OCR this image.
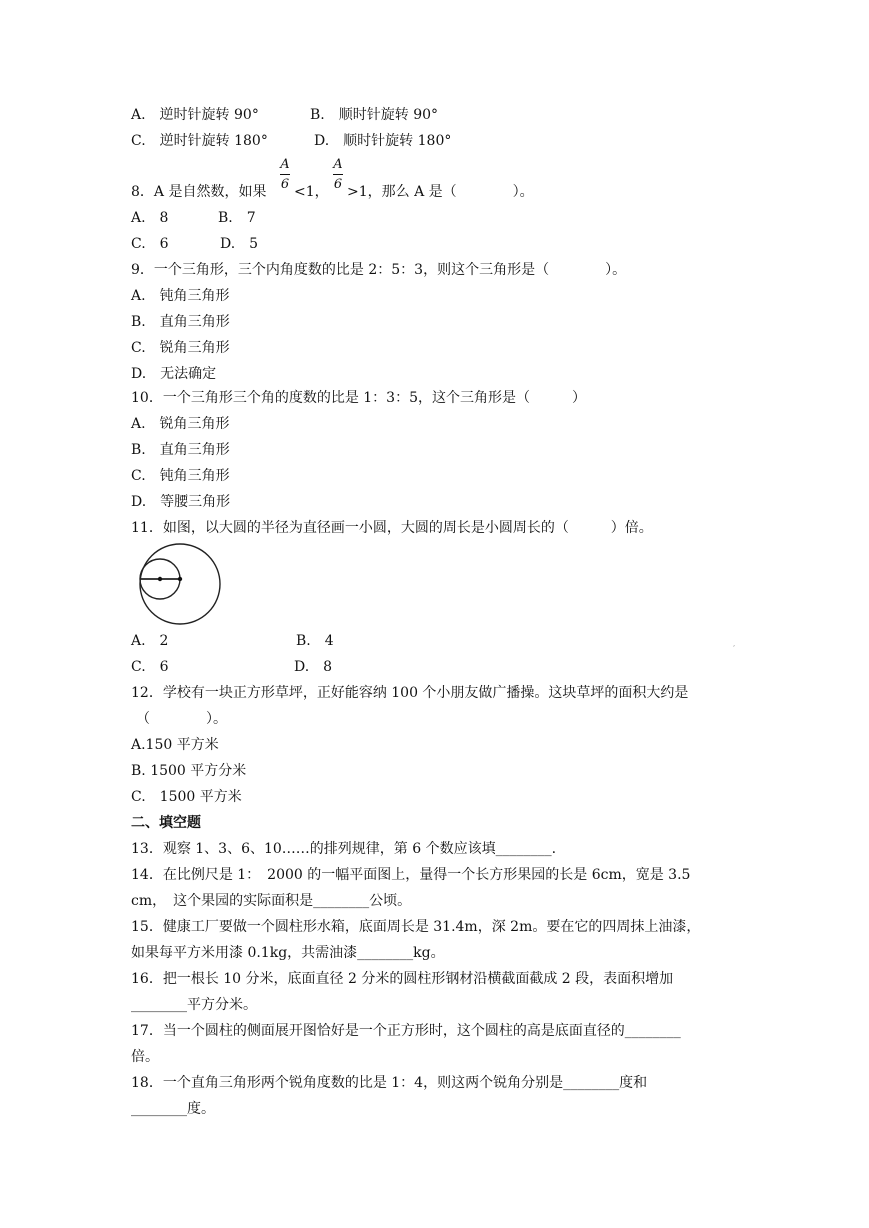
A.　逆时针旋转 90°	B.　顺时针旋转 90°
C.　逆时针旋转 180°	D.　顺时针旋转 180°
8．A 是自然数，如果
A
6 <1，
A
6 >1，那么 A 是（　　　　）。
A.　8	B.　7
C.　6	D.　5
9．一个三角形，三个内角度数的比是 2：5：3，则这个三角形是（　　　　）。
A.　钝角三角形
B.　直角三角形
C.　锐角三角形
D.　无法确定
10．一个三角形三个角的度数的比是 1：3：5，这个三角形是（　　　）
A.　锐角三角形
B.　直角三角形
C.　钝角三角形
D.　等腰三角形
11．如图，以大圆的半径为直径画一小圆，大圆的周长是小圆周长的（　　　）倍。
A.　2	B.　4	,
C.　6	D.　8
12．学校有一块正方形草坪，正好能容纳 100 个小朋友做广播操。这块草坪的面积大约是
（　　　　）。
A.150 平方米
B. 1500 平方分米
C.　1500 平方米
二、填空题
13．观察 1、3、6、10……的排列规律，第 6 个数应该填________.
14．在比例尺是 1：　2000 的一幅平面图上，量得一个长方形果园的长是 6cm，宽是 3.5
cm，　这个果园的实际面积是________公顷。
15．健康工厂要做一个圆柱形水箱，底面周长是 31.4m，深 2m。要在它的四周抹上油漆，
如果每平方米用漆 0.1kg，共需油漆________kg。
16．把一根长 10 分米，底面直径 2 分米的圆柱形钢材沿横截面截成 2 段，表面积增加
________平方分米。
17．当一个圆柱的侧面展开图恰好是一个正方形时，这个圆柱的高是底面直径的________
倍。
18．一个直角三角形两个锐角度数的比是 1：4，则这两个锐角分别是________度和
________度。
